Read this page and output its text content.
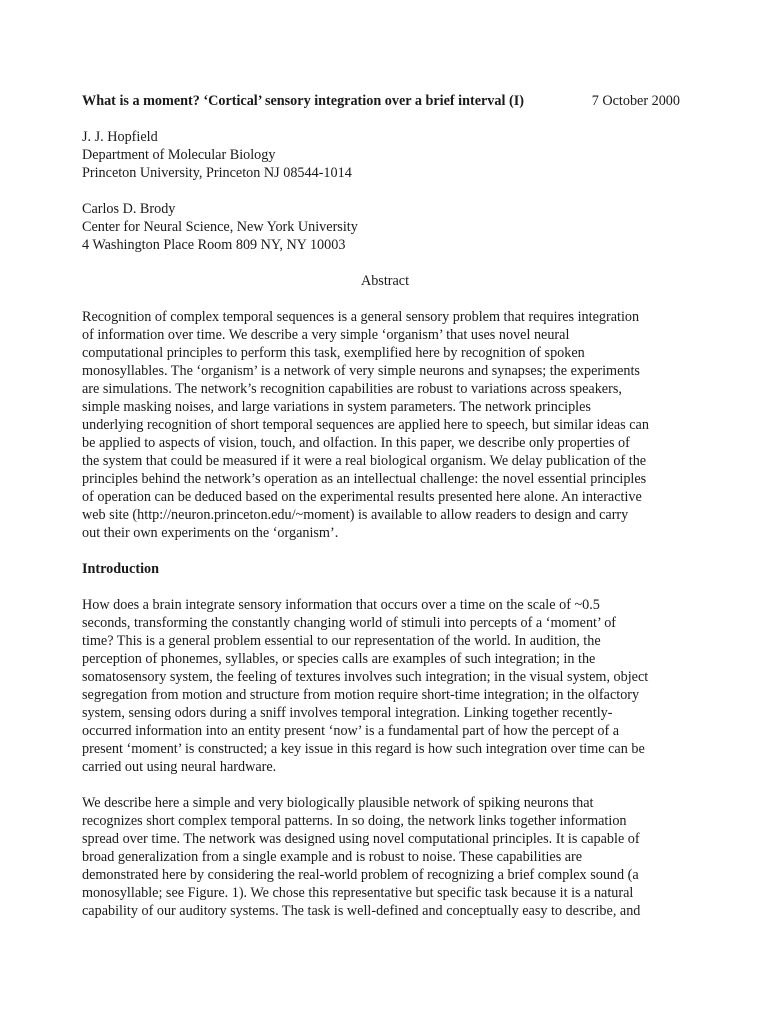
What is a moment? ‘Cortical’ sensory integration over a brief interval (I)	7 October 2000
J. J. Hopfield
Department of Molecular Biology
Princeton University, Princeton NJ 08544-1014
Carlos D. Brody
Center for Neural Science, New York University
4 Washington Place Room 809 NY, NY 10003
Abstract
Recognition of complex temporal sequences is a general sensory problem that requires integration
of information over time. We describe a very simple ‘organism’ that uses novel neural
computational principles to perform this task, exemplified here by recognition of spoken
monosyllables. The ‘organism’ is a network of very simple neurons and synapses; the experiments
are simulations. The network’s recognition capabilities are robust to variations across speakers,
simple masking noises, and large variations in system parameters. The network principles
underlying recognition of short temporal sequences are applied here to speech, but similar ideas can
be applied to aspects of vision, touch, and olfaction. In this paper, we describe only properties of
the system that could be measured if it were a real biological organism. We delay publication of the
principles behind the network’s operation as an intellectual challenge: the novel essential principles
of operation can be deduced based on the experimental results presented here alone. An interactive
web site (http://neuron.princeton.edu/~moment) is available to allow readers to design and carry
out their own experiments on the ‘organism’.
Introduction
How does a brain integrate sensory information that occurs over a time on the scale of ~0.5
seconds, transforming the constantly changing world of stimuli into percepts of a ‘moment’ of
time? This is a general problem essential to our representation of the world. In audition, the
perception of phonemes, syllables, or species calls are examples of such integration; in the
somatosensory system, the feeling of textures involves such integration; in the visual system, object
segregation from motion and structure from motion require short-time integration; in the olfactory
system, sensing odors during a sniff involves temporal integration. Linking together recently-
occurred information into an entity present ‘now’ is a fundamental part of how the percept of a
present ‘moment’ is constructed; a key issue in this regard is how such integration over time can be
carried out using neural hardware.
We describe here a simple and very biologically plausible network of spiking neurons that
recognizes short complex temporal patterns. In so doing, the network links together information
spread over time. The network was designed using novel computational principles. It is capable of
broad generalization from a single example and is robust to noise. These capabilities are
demonstrated here by considering the real-world problem of recognizing a brief complex sound (a
monosyllable; see Figure. 1). We chose this representative but specific task because it is a natural
capability of our auditory systems. The task is well-defined and conceptually easy to describe, and
